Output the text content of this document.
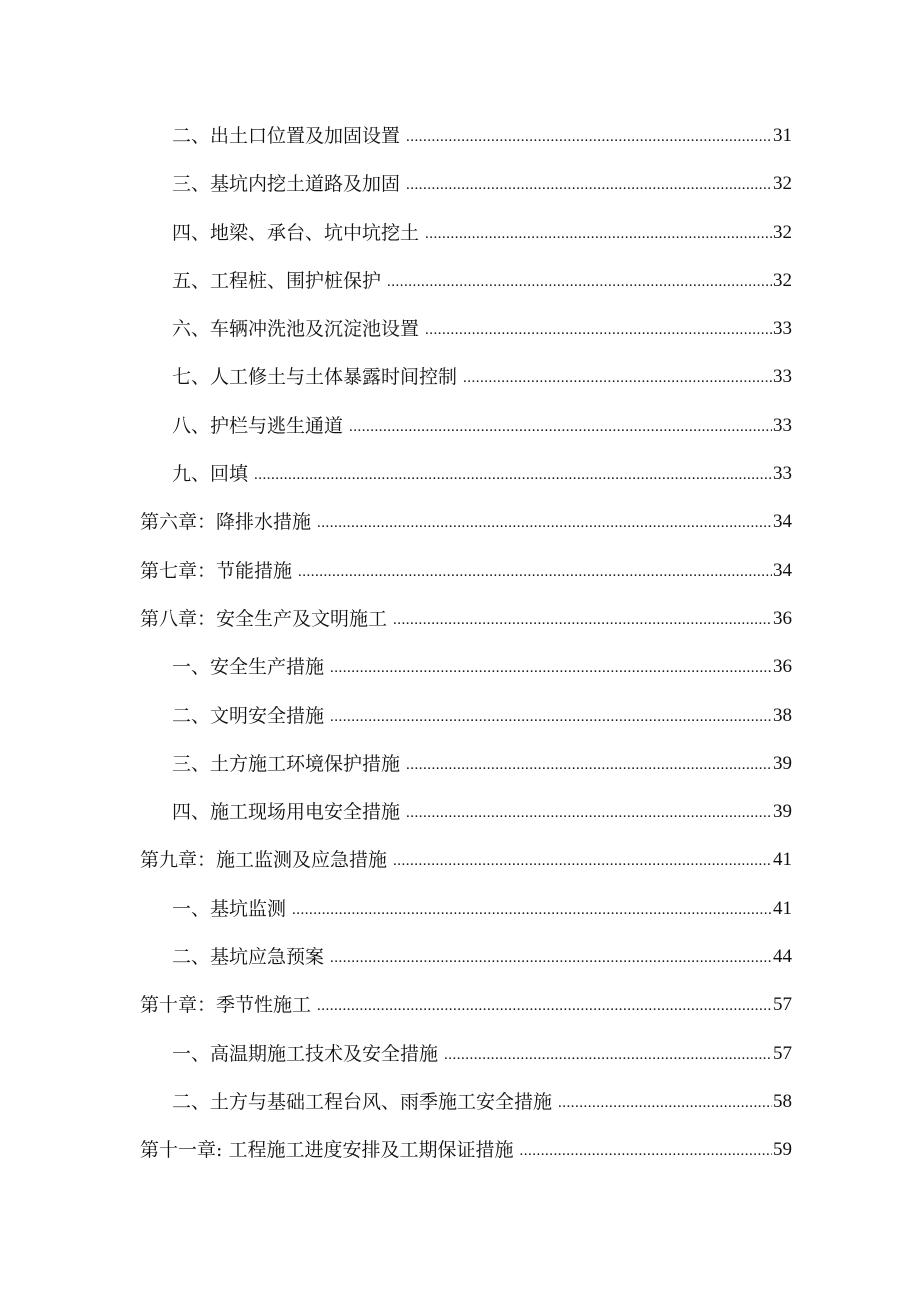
二、出土口位置及加固设置 .....	31
三、基坑内挖土道路及加固 .....	32
四、地梁、承台、坑中坑挖土 .....	32
五、工程桩、围护桩保护 .....	32
六、车辆冲洗池及沉淀池设置 .....	33
七、人工修土与土体暴露时间控制 .....	33
八、护栏与逃生通道 .....	33
九、回填 .....	33
第六章：降排水措施 .....	34
第七章：节能措施 .....	34
第八章：安全生产及文明施工 .....	36
一、安全生产措施 .....	36
二、文明安全措施 .....	38
三、土方施工环境保护措施 .....	39
四、施工现场用电安全措施 .....	39
第九章：施工监测及应急措施 .....	41
一、基坑监测 .....	41
二、基坑应急预案 .....	44
第十章：季节性施工 .....	57
一、高温期施工技术及安全措施 .....	57
二、土方与基础工程台风、雨季施工安全措施 .....	58
第十一章: 工程施工进度安排及工期保证措施 .....	59
